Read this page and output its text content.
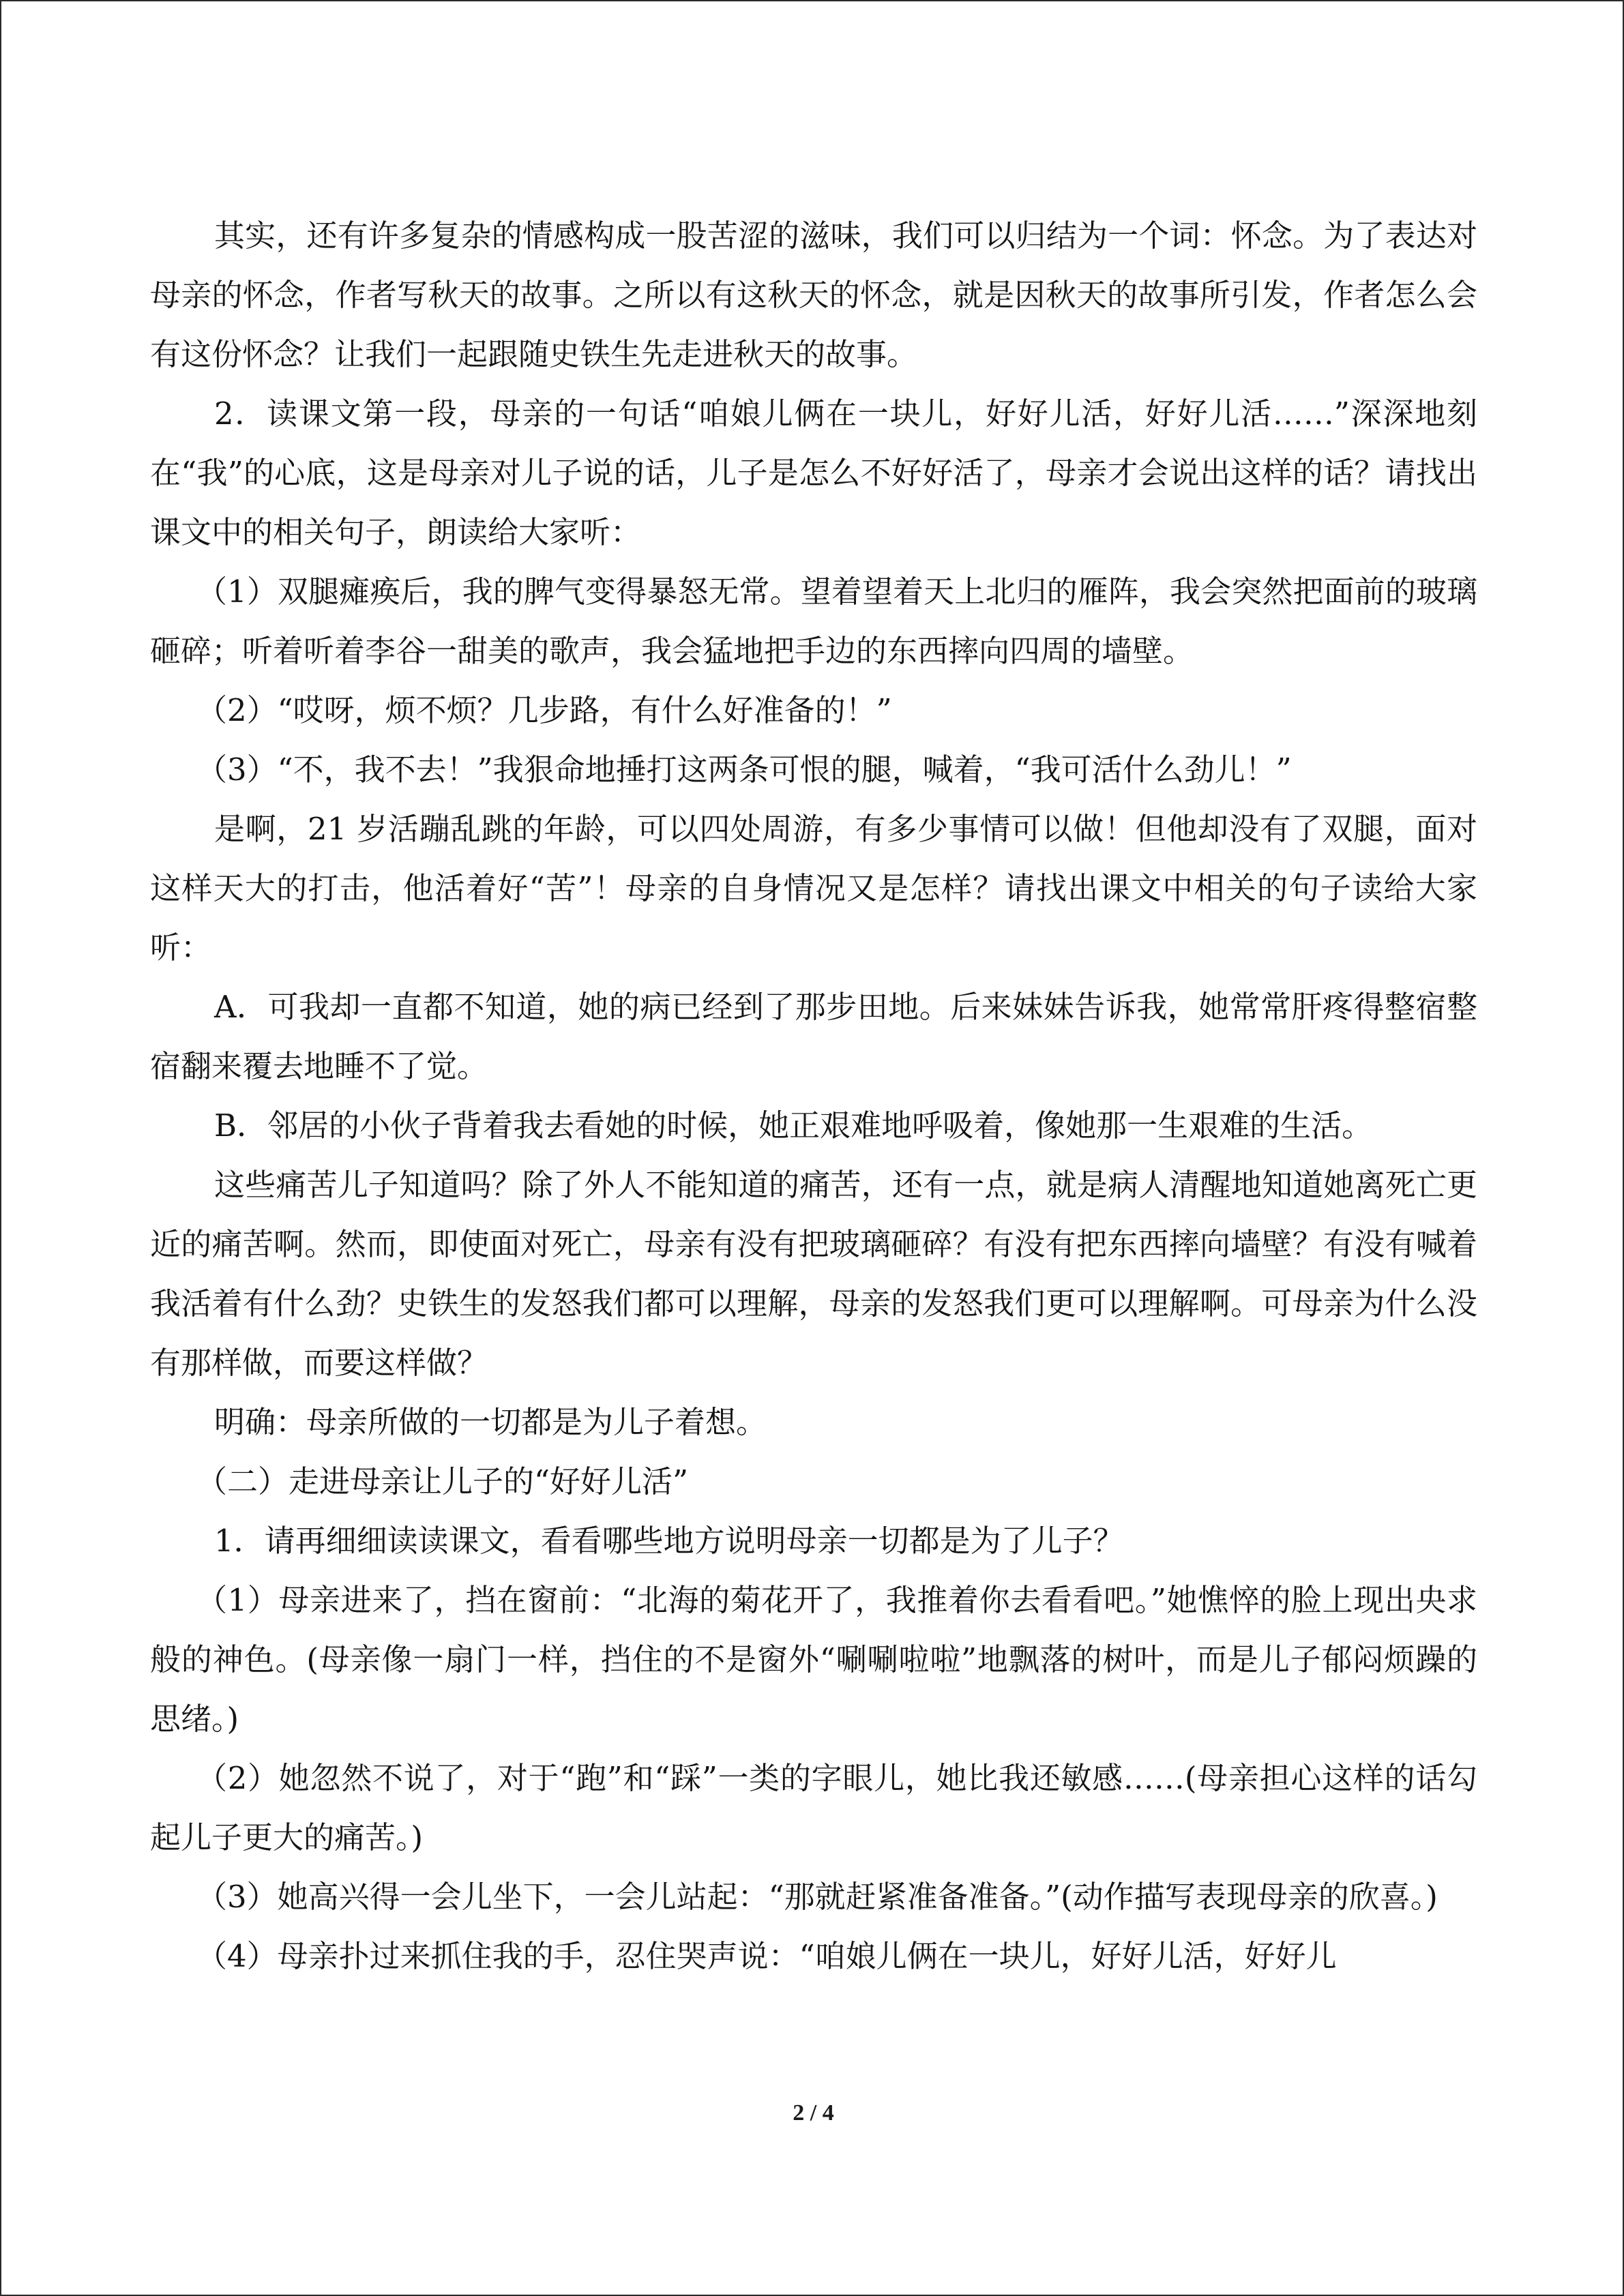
其实，还有许多复杂的情感构成一股苦涩的滋味，我们可以归结为一个词：怀念。为了表达对母亲的怀念，作者写秋天的故事。之所以有这秋天的怀念，就是因秋天的故事所引发，作者怎么会有这份怀念？让我们一起跟随史铁生先走进秋天的故事。

2．读课文第一段，母亲的一句话“咱娘儿俩在一块儿，好好儿活，好好儿活……”深深地刻在“我”的心底，这是母亲对儿子说的话，儿子是怎么不好好活了，母亲才会说出这样的话？请找出课文中的相关句子，朗读给大家听：

（1）双腿瘫痪后，我的脾气变得暴怒无常。望着望着天上北归的雁阵，我会突然把面前的玻璃砸碎；听着听着李谷一甜美的歌声，我会猛地把手边的东西摔向四周的墙壁。

（2）“哎呀，烦不烦？几步路，有什么好准备的！”

（3）“不，我不去！”我狠命地捶打这两条可恨的腿，喊着，“我可活什么劲儿！”

是啊，21 岁活蹦乱跳的年龄，可以四处周游，有多少事情可以做！但他却没有了双腿，面对这样天大的打击，他活着好“苦”！母亲的自身情况又是怎样？请找出课文中相关的句子读给大家听：

A．可我却一直都不知道，她的病已经到了那步田地。后来妹妹告诉我，她常常肝疼得整宿整宿翻来覆去地睡不了觉。

B．邻居的小伙子背着我去看她的时候，她正艰难地呼吸着，像她那一生艰难的生活。

这些痛苦儿子知道吗？除了外人不能知道的痛苦，还有一点，就是病人清醒地知道她离死亡更近的痛苦啊。然而，即使面对死亡，母亲有没有把玻璃砸碎？有没有把东西摔向墙壁？有没有喊着我活着有什么劲？史铁生的发怒我们都可以理解，母亲的发怒我们更可以理解啊。可母亲为什么没有那样做，而要这样做？

明确：母亲所做的一切都是为儿子着想。

（二）走进母亲让儿子的“好好儿活”

1．请再细细读读课文，看看哪些地方说明母亲一切都是为了儿子？

（1）母亲进来了，挡在窗前：“北海的菊花开了，我推着你去看看吧。”她憔悴的脸上现出央求般的神色。(母亲像一扇门一样，挡住的不是窗外“唰唰啦啦”地飘落的树叶，而是儿子郁闷烦躁的思绪。)

（2）她忽然不说了，对于“跑”和“踩”一类的字眼儿，她比我还敏感……(母亲担心这样的话勾起儿子更大的痛苦。)

（3）她高兴得一会儿坐下，一会儿站起：“那就赶紧准备准备。”(动作描写表现母亲的欣喜。)

（4）母亲扑过来抓住我的手，忍住哭声说：“咱娘儿俩在一块儿，好好儿活，好好儿

2 / 4
